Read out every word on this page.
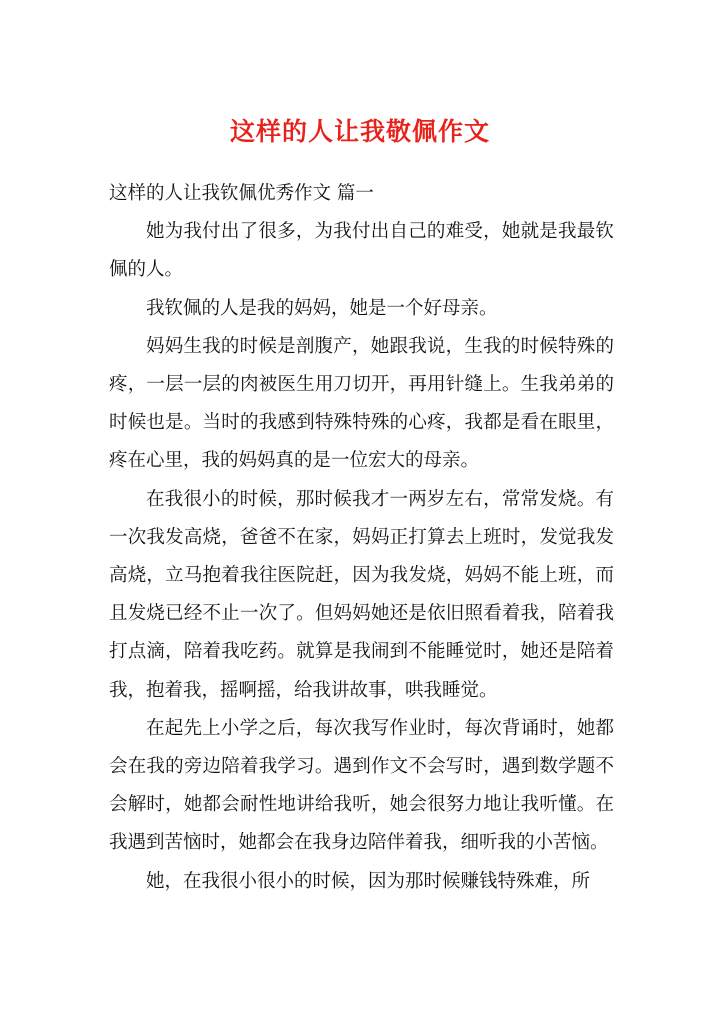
这样的人让我敬佩作文

这样的人让我钦佩优秀作文 篇一

她为我付出了很多，为我付出自己的难受，她就是我最钦佩的人。

我钦佩的人是我的妈妈，她是一个好母亲。

妈妈生我的时候是剖腹产，她跟我说，生我的时候特殊的疼，一层一层的肉被医生用刀切开，再用针缝上。生我弟弟的时候也是。当时的我感到特殊特殊的心疼，我都是看在眼里，疼在心里，我的妈妈真的是一位宏大的母亲。

在我很小的时候，那时候我才一两岁左右，常常发烧。有一次我发高烧，爸爸不在家，妈妈正打算去上班时，发觉我发高烧，立马抱着我往医院赶，因为我发烧，妈妈不能上班，而且发烧已经不止一次了。但妈妈她还是依旧照看着我，陪着我打点滴，陪着我吃药。就算是我闹到不能睡觉时，她还是陪着我，抱着我，摇啊摇，给我讲故事，哄我睡觉。

在起先上小学之后，每次我写作业时，每次背诵时，她都会在我的旁边陪着我学习。遇到作文不会写时，遇到数学题不会解时，她都会耐性地讲给我听，她会很努力地让我听懂。在我遇到苦恼时，她都会在我身边陪伴着我，细听我的小苦恼。

她，在我很小很小的时候，因为那时候赚钱特殊难，所
